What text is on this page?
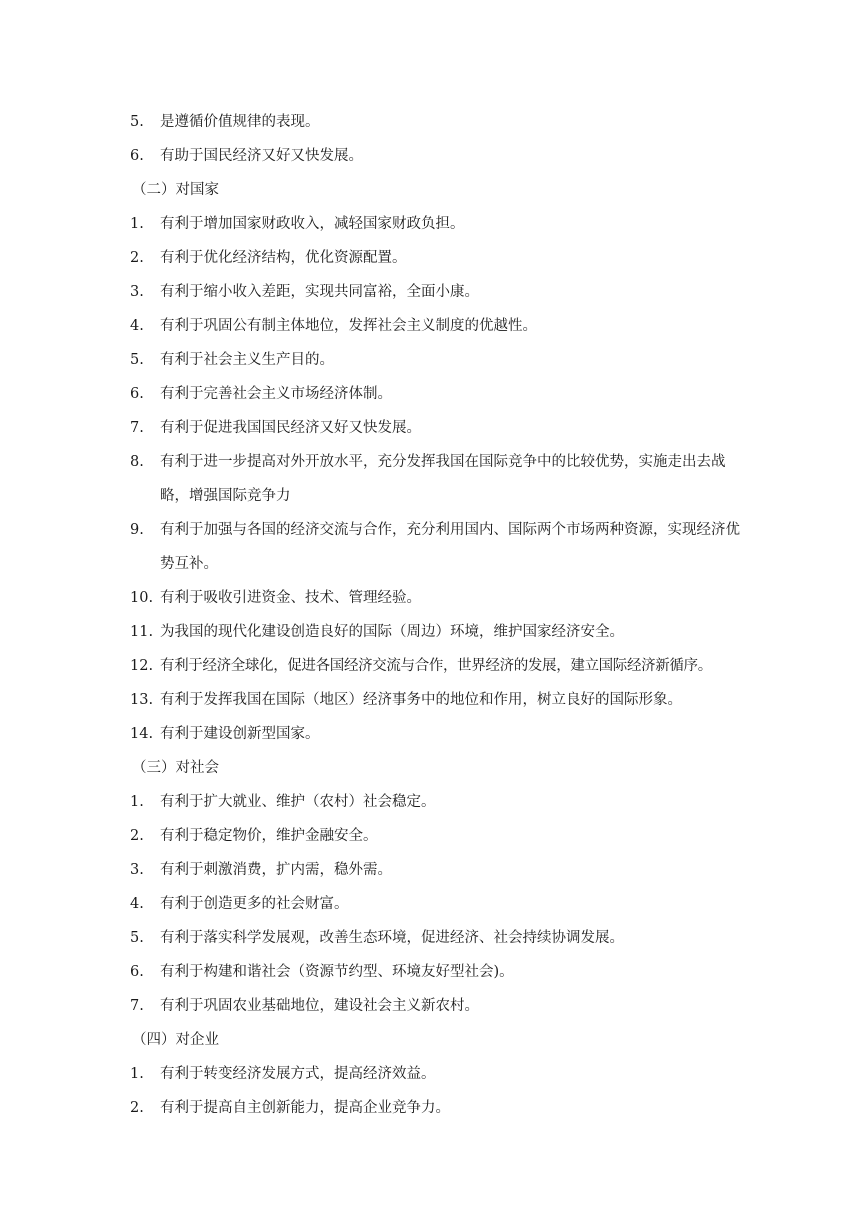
5.	是遵循价值规律的表现。
6.	有助于国民经济又好又快发展。
（二）对国家
1.	有利于增加国家财政收入，减轻国家财政负担。
2.	有利于优化经济结构，优化资源配置。
3.	有利于缩小收入差距，实现共同富裕，全面小康。
4.	有利于巩固公有制主体地位，发挥社会主义制度的优越性。
5.	有利于社会主义生产目的。
6.	有利于完善社会主义市场经济体制。
7.	有利于促进我国国民经济又好又快发展。
8.	有利于进一步提高对外开放水平，充分发挥我国在国际竞争中的比较优势，实施走出去战略，增强国际竞争力
9.	有利于加强与各国的经济交流与合作，充分利用国内、国际两个市场两种资源，实现经济优势互补。
10. 有利于吸收引进资金、技术、管理经验。
11. 为我国的现代化建设创造良好的国际（周边）环境，维护国家经济安全。
12. 有利于经济全球化，促进各国经济交流与合作，世界经济的发展，建立国际经济新循序。
13. 有利于发挥我国在国际（地区）经济事务中的地位和作用，树立良好的国际形象。
14. 有利于建设创新型国家。
（三）对社会
1.	有利于扩大就业、维护（农村）社会稳定。
2.	有利于稳定物价，维护金融安全。
3.	有利于刺激消费，扩内需，稳外需。
4.	有利于创造更多的社会财富。
5.	有利于落实科学发展观，改善生态环境，促进经济、社会持续协调发展。
6.	有利于构建和谐社会（资源节约型、环境友好型社会)。
7.	有利于巩固农业基础地位，建设社会主义新农村。
（四）对企业
1.	有利于转变经济发展方式，提高经济效益。
2.	有利于提高自主创新能力，提高企业竞争力。
